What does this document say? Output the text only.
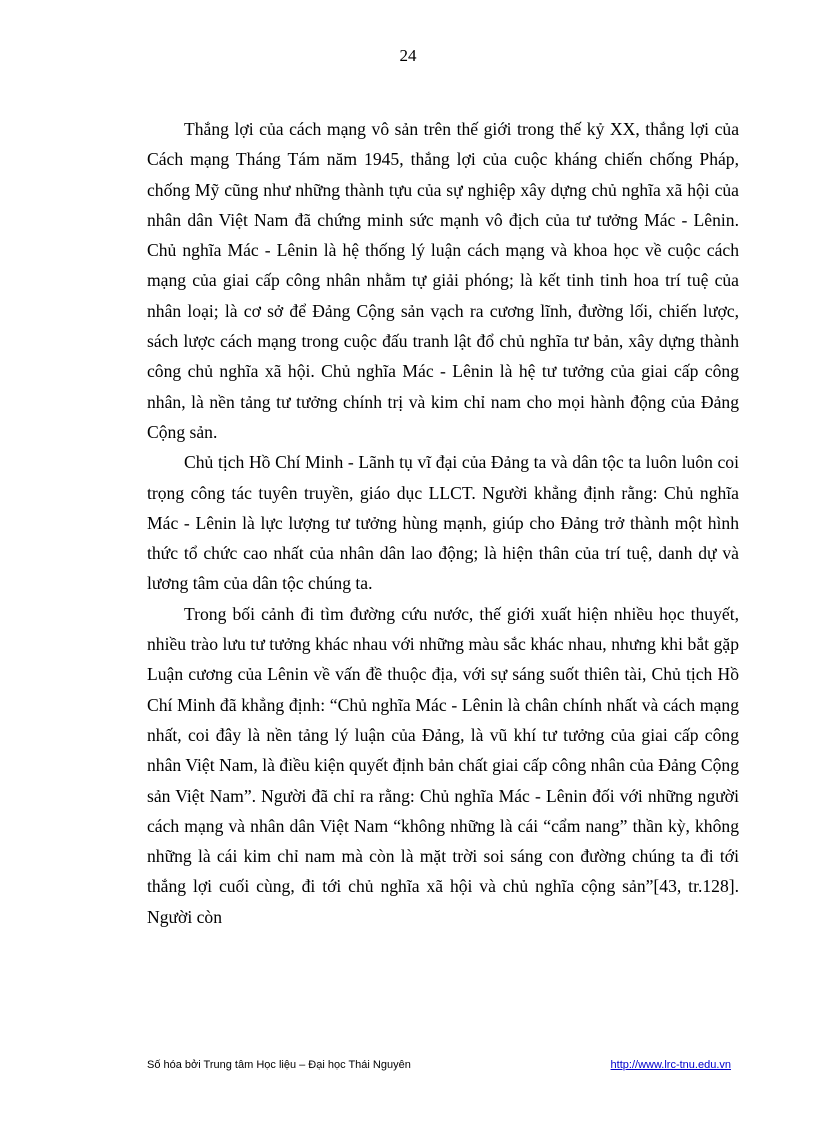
24

Thắng lợi của cách mạng vô sản trên thế giới trong thế kỷ XX, thắng lợi của Cách mạng Tháng Tám năm 1945, thắng lợi của cuộc kháng chiến chống Pháp, chống Mỹ cũng như những thành tựu của sự nghiệp xây dựng chủ nghĩa xã hội của nhân dân Việt Nam đã chứng minh sức mạnh vô địch của tư tưởng Mác - Lênin. Chủ nghĩa Mác - Lênin là hệ thống lý luận cách mạng và khoa học về cuộc cách mạng của giai cấp công nhân nhằm tự giải phóng; là kết tinh tinh hoa trí tuệ của nhân loại; là cơ sở để Đảng Cộng sản vạch ra cương lĩnh, đường lối, chiến lược, sách lược cách mạng trong cuộc đấu tranh lật đổ chủ nghĩa tư bản, xây dựng thành công chủ nghĩa xã hội. Chủ nghĩa Mác - Lênin là hệ tư tưởng của giai cấp công nhân, là nền tảng tư tưởng chính trị và kim chỉ nam cho mọi hành động của Đảng Cộng sản.

Chủ tịch Hồ Chí Minh - Lãnh tụ vĩ đại của Đảng ta và dân tộc ta luôn luôn coi trọng công tác tuyên truyền, giáo dục LLCT. Người khẳng định rằng: Chủ nghĩa Mác - Lênin là lực lượng tư tưởng hùng mạnh, giúp cho Đảng trở thành một hình thức tổ chức cao nhất của nhân dân lao động; là hiện thân của trí tuệ, danh dự và lương tâm của dân tộc chúng ta.

Trong bối cảnh đi tìm đường cứu nước, thế giới xuất hiện nhiều học thuyết, nhiều trào lưu tư tưởng khác nhau với những màu sắc khác nhau, nhưng khi bắt gặp Luận cương của Lênin về vấn đề thuộc địa, với sự sáng suốt thiên tài, Chủ tịch Hồ Chí Minh đã khẳng định: “Chủ nghĩa Mác - Lênin là chân chính nhất và cách mạng nhất, coi đây là nền tảng lý luận của Đảng, là vũ khí tư tưởng của giai cấp công nhân Việt Nam, là điều kiện quyết định bản chất giai cấp công nhân của Đảng Cộng sản Việt Nam”. Người đã chỉ ra rằng: Chủ nghĩa Mác - Lênin đối với những người cách mạng và nhân dân Việt Nam “không những là cái “cẩm nang” thần kỳ, không những là cái kim chỉ nam mà còn là mặt trời soi sáng con đường chúng ta đi tới thắng lợi cuối cùng, đi tới chủ nghĩa xã hội và chủ nghĩa cộng sản”[43, tr.128]. Người còn

Số hóa bởi Trung tâm Học liệu – Đại học Thái Nguyên	http://www.lrc-tnu.edu.vn
